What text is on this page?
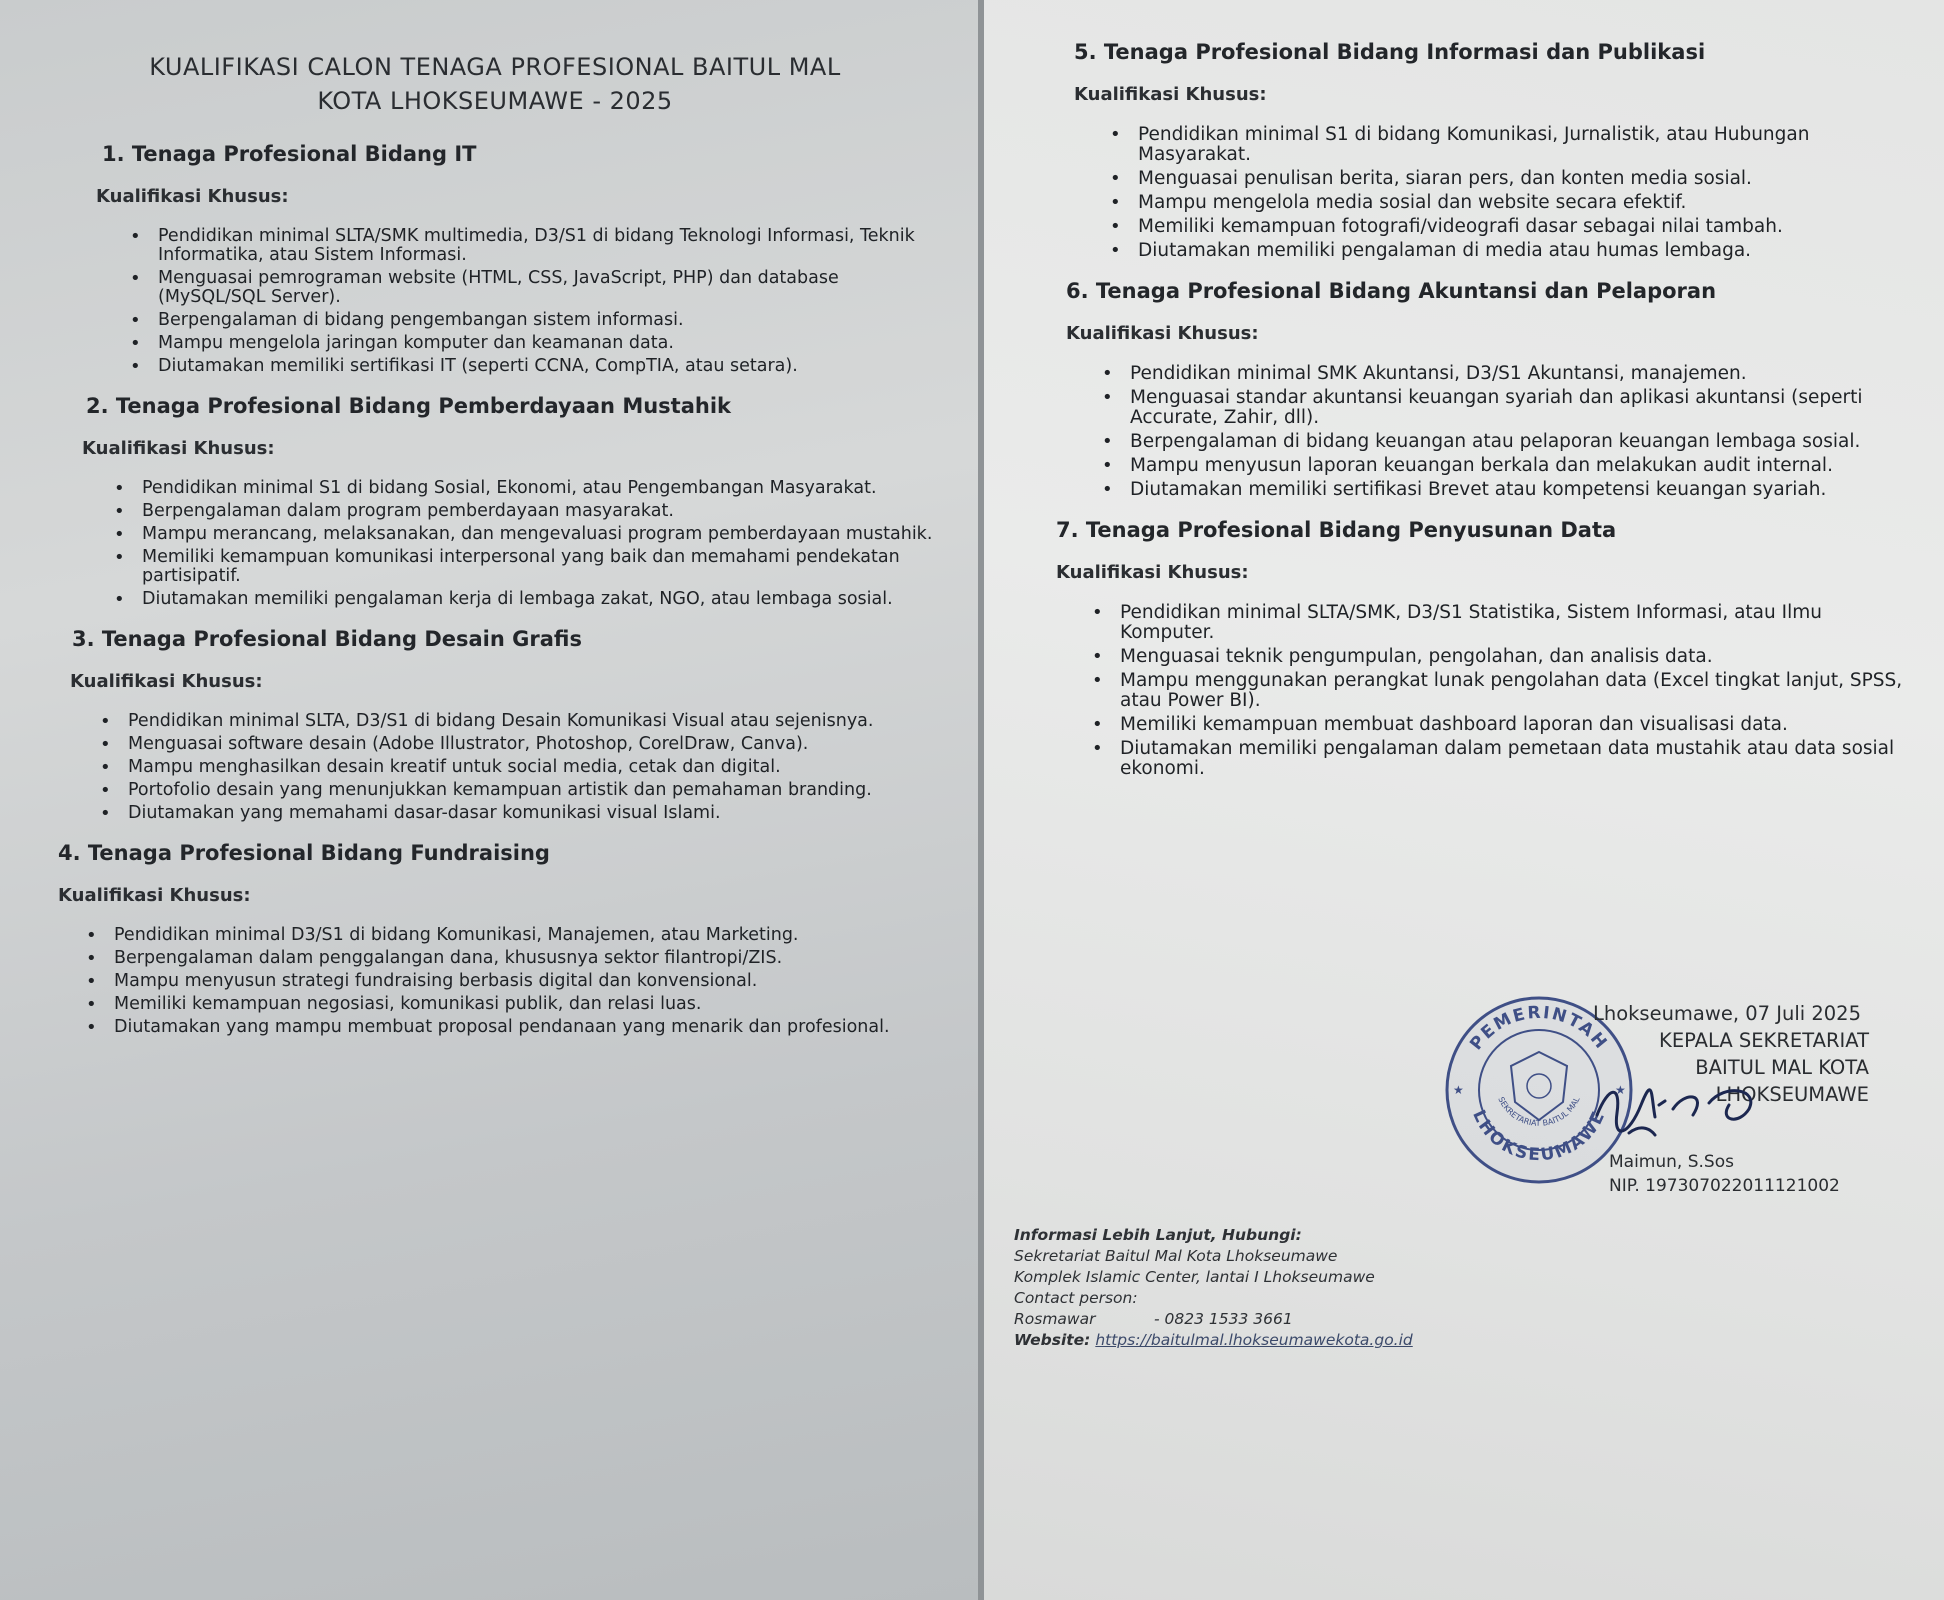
KUALIFIKASI CALON TENAGA PROFESIONAL BAITUL MAL
KOTA LHOKSEUMAWE - 2025
1. Tenaga Profesional Bidang IT
Kualifikasi Khusus:
• Pendidikan minimal SLTA/SMK multimedia, D3/S1 di bidang Teknologi Informasi, Teknik Informatika, atau Sistem Informasi.
• Menguasai pemrograman website (HTML, CSS, JavaScript, PHP) dan database (MySQL/SQL Server).
• Berpengalaman di bidang pengembangan sistem informasi.
• Mampu mengelola jaringan komputer dan keamanan data.
• Diutamakan memiliki sertifikasi IT (seperti CCNA, CompTIA, atau setara).
2. Tenaga Profesional Bidang Pemberdayaan Mustahik
Kualifikasi Khusus:
• Pendidikan minimal S1 di bidang Sosial, Ekonomi, atau Pengembangan Masyarakat.
• Berpengalaman dalam program pemberdayaan masyarakat.
• Mampu merancang, melaksanakan, dan mengevaluasi program pemberdayaan mustahik.
• Memiliki kemampuan komunikasi interpersonal yang baik dan memahami pendekatan partisipatif.
• Diutamakan memiliki pengalaman kerja di lembaga zakat, NGO, atau lembaga sosial.
3. Tenaga Profesional Bidang Desain Grafis
Kualifikasi Khusus:
• Pendidikan minimal SLTA, D3/S1 di bidang Desain Komunikasi Visual atau sejenisnya.
• Menguasai software desain (Adobe Illustrator, Photoshop, CorelDraw, Canva).
• Mampu menghasilkan desain kreatif untuk social media, cetak dan digital.
• Portofolio desain yang menunjukkan kemampuan artistik dan pemahaman branding.
• Diutamakan yang memahami dasar-dasar komunikasi visual Islami.
4. Tenaga Profesional Bidang Fundraising
Kualifikasi Khusus:
• Pendidikan minimal D3/S1 di bidang Komunikasi, Manajemen, atau Marketing.
• Berpengalaman dalam penggalangan dana, khususnya sektor filantropi/ZIS.
• Mampu menyusun strategi fundraising berbasis digital dan konvensional.
• Memiliki kemampuan negosiasi, komunikasi publik, dan relasi luas.
• Diutamakan yang mampu membuat proposal pendanaan yang menarik dan profesional.
5. Tenaga Profesional Bidang Informasi dan Publikasi
Kualifikasi Khusus:
• Pendidikan minimal S1 di bidang Komunikasi, Jurnalistik, atau Hubungan Masyarakat.
• Menguasai penulisan berita, siaran pers, dan konten media sosial.
• Mampu mengelola media sosial dan website secara efektif.
• Memiliki kemampuan fotografi/videografi dasar sebagai nilai tambah.
• Diutamakan memiliki pengalaman di media atau humas lembaga.
6. Tenaga Profesional Bidang Akuntansi dan Pelaporan
Kualifikasi Khusus:
• Pendidikan minimal SMK Akuntansi, D3/S1 Akuntansi, manajemen.
• Menguasai standar akuntansi keuangan syariah dan aplikasi akuntansi (seperti Accurate, Zahir, dll).
• Berpengalaman di bidang keuangan atau pelaporan keuangan lembaga sosial.
• Mampu menyusun laporan keuangan berkala dan melakukan audit internal.
• Diutamakan memiliki sertifikasi Brevet atau kompetensi keuangan syariah.
7. Tenaga Profesional Bidang Penyusunan Data
Kualifikasi Khusus:
• Pendidikan minimal SLTA/SMK, D3/S1 Statistika, Sistem Informasi, atau Ilmu Komputer.
• Menguasai teknik pengumpulan, pengolahan, dan analisis data.
• Mampu menggunakan perangkat lunak pengolahan data (Excel tingkat lanjut, SPSS, atau Power BI).
• Memiliki kemampuan membuat dashboard laporan dan visualisasi data.
• Diutamakan memiliki pengalaman dalam pemetaan data mustahik atau data sosial ekonomi.
PEMERINTAH
LHOKSEUMAWE
SEKRETARIAT BAITUL MAL
★	★
Lhokseumawe, 07 Juli 2025
KEPALA SEKRETARIAT
BAITUL MAL KOTA LHOKSEUMAWE
Maimun, S.Sos
NIP. 197307022011121002
Informasi Lebih Lanjut, Hubungi:
Sekretariat Baitul Mal Kota Lhokseumawe
Komplek Islamic Center, lantai I Lhokseumawe
Contact person:
Rosmawar	- 0823 1533 3661
Website: https://baitulmal.lhokseumawekota.go.id
